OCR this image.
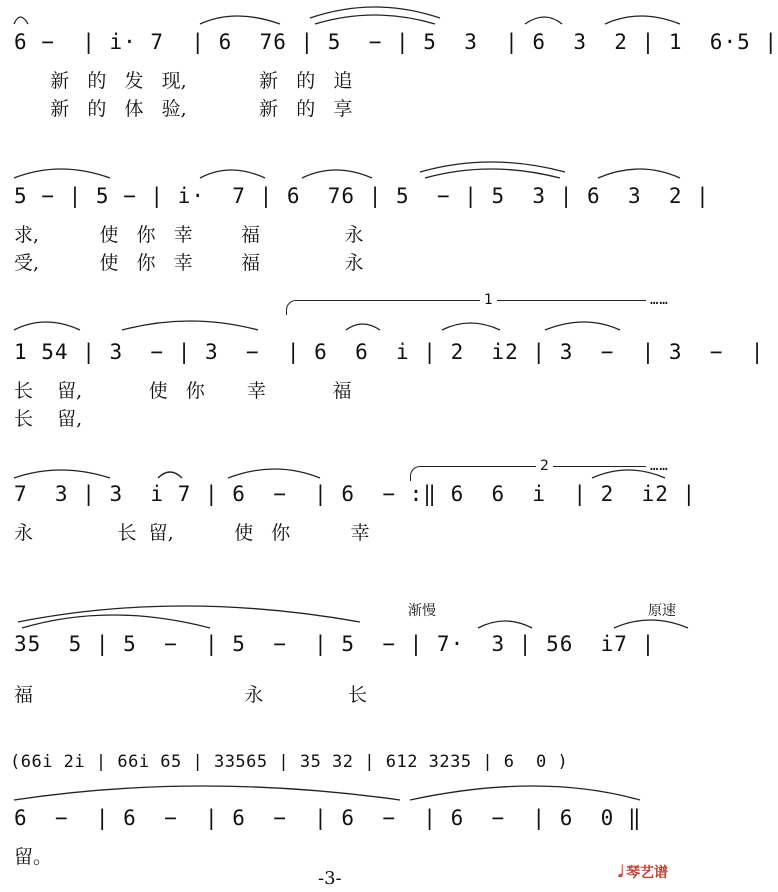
6 −  | i· 7  | 6  76 | 5  − | 5  3  | 6  3  2 | 1  6·5 |
新   的   发   现,            新   的   追
新   的   体   验,            新   的   享
5 − | 5 − | i·  7 | 6  76 | 5  − | 5  3 | 6  3  2 |
求,          使   你   幸        福              永
受,          使   你   幸        福              永
1	……
1 54 | 3  − | 3  −  | 6  6  i | 2  i2 | 3  −  | 3  −  |
长    留,           使   你       幸           福
长    留,
2	……
7  3 | 3  i 7 | 6  −  | 6  − :‖ 6  6  i  | 2  i2 |
永              长  留,          使   你          幸
渐慢	原速
35  5 | 5  −  | 5  −  | 5  − | 7·  3 | 56  i7 |
福                                   永              长
(66i 2i | 66i 65 | 33565 | 35 32 | 612 3235 | 6  0 )
6  −  | 6  −  | 6  −  | 6  −  | 6  −  | 6  0 ‖
留。
-3-	𝅗𝅥 琴艺谱
